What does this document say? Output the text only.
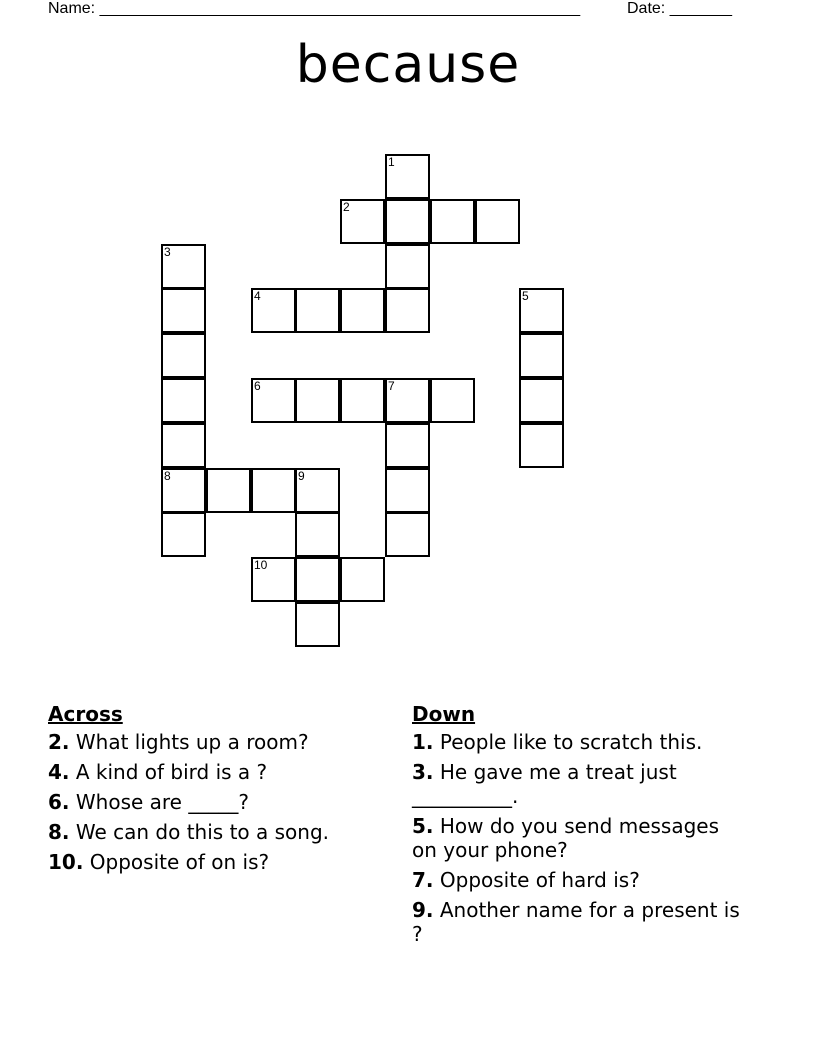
Name: ______________________________________________________	Date: _______
because
1
2
3
4	5
6	7
8	9
10
Across
2. What lights up a room?
4. A kind of bird is a ?
6. Whose are _____?
8. We can do this to a song.
10. Opposite of on is?
Down
1. People like to scratch this.
3. He gave me a treat just __________.
5. How do you send messages on your phone?
7. Opposite of hard is?
9. Another name for a present is ?
